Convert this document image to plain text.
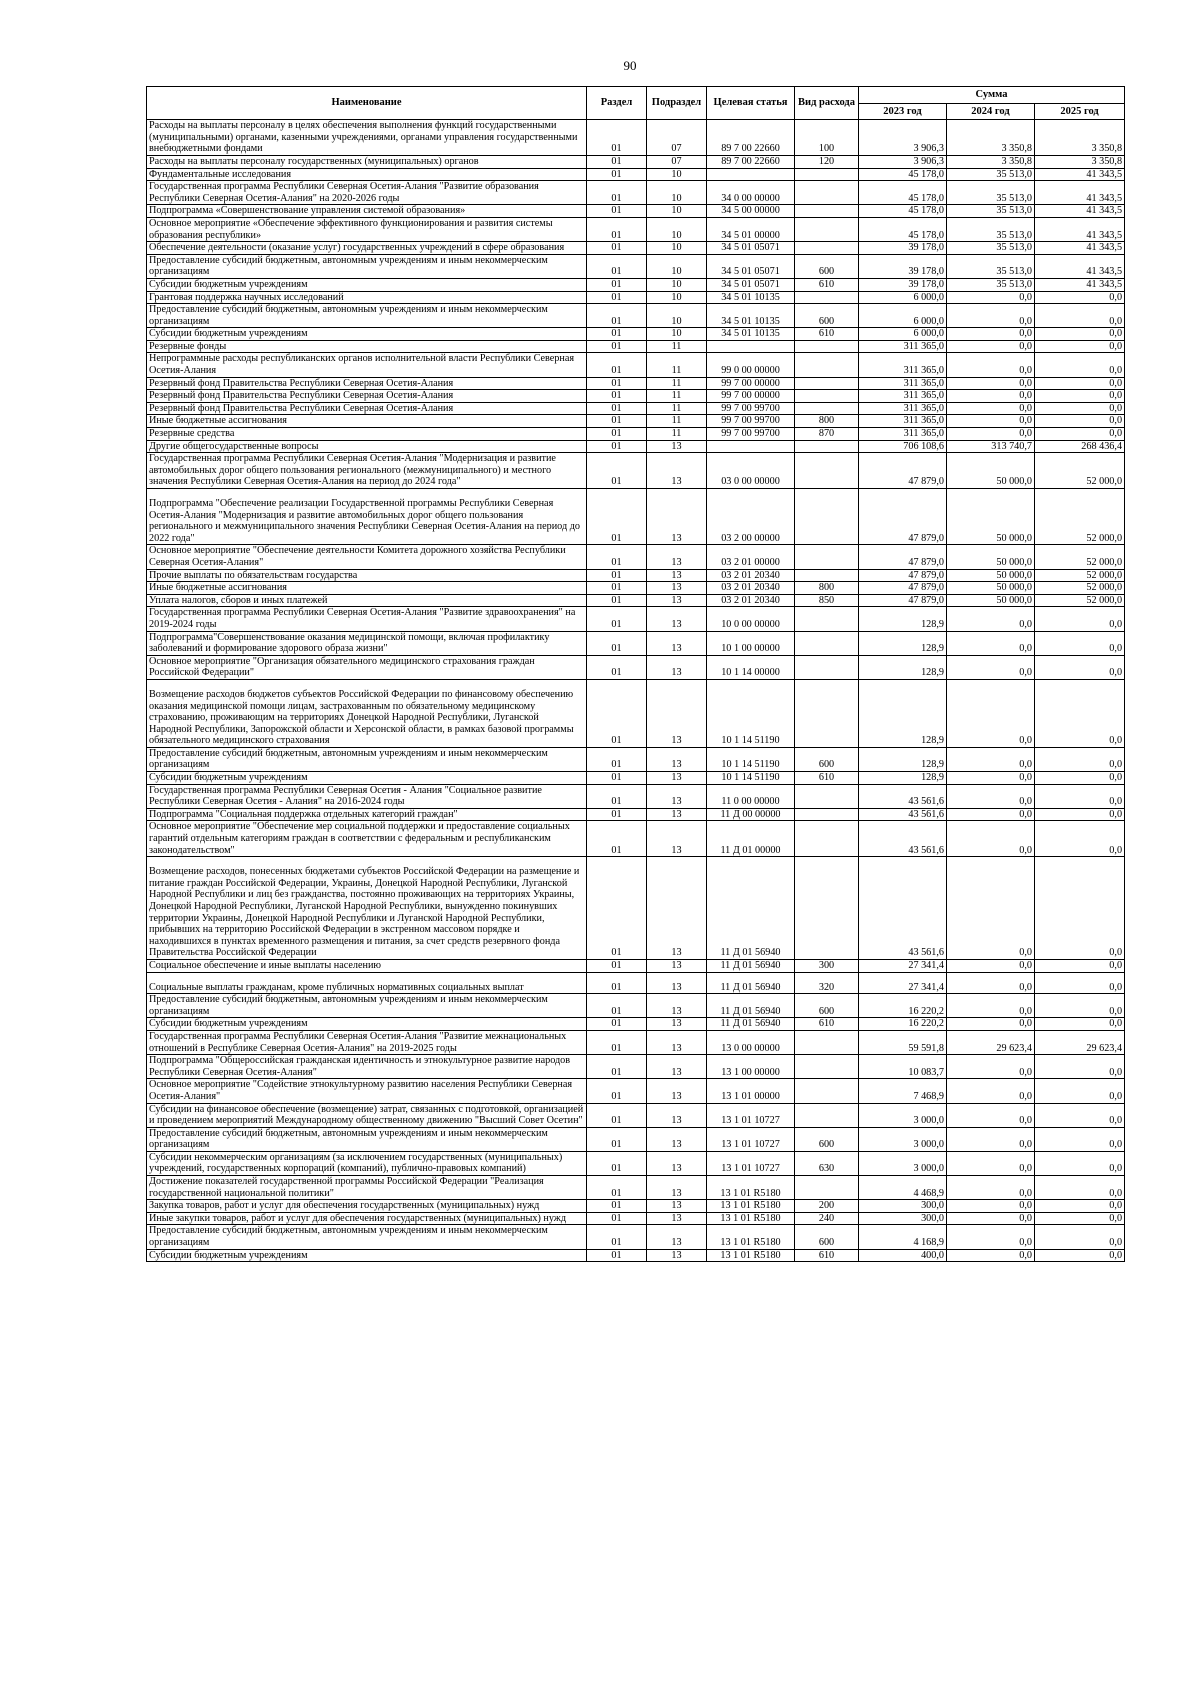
90
Наименование	Раздел	Подраздел	Целевая статья	Вид расхода	Сумма		
					2023 год	2024 год	2025 год
Расходы на выплаты персоналу в целях обеспечения выполнения функций государственными (муниципальными) органами, казенными учреждениями, органами управления государственными внебюджетными фондами	01	07	89 7 00 22660	100	3 906,3	3 350,8	3 350,8
Расходы на выплаты персоналу государственных (муниципальных) органов	01	07	89 7 00 22660	120	3 906,3	3 350,8	3 350,8
Фундаментальные исследования	01	10			45 178,0	35 513,0	41 343,5
Государственная программа Республики Северная Осетия-Алания "Развитие образования Республики Северная Осетия-Алания" на 2020-2026 годы	01	10	34 0 00 00000		45 178,0	35 513,0	41 343,5
Подпрограмма «Совершенствование управления системой образования»	01	10	34 5 00 00000		45 178,0	35 513,0	41 343,5
Основное мероприятие «Обеспечение эффективного функционирования и развития системы образования республики»	01	10	34 5 01 00000		45 178,0	35 513,0	41 343,5
Обеспечение деятельности (оказание услуг) государственных учреждений в сфере образования	01	10	34 5 01 05071		39 178,0	35 513,0	41 343,5
Предоставление субсидий бюджетным, автономным учреждениям и иным некоммерческим организациям	01	10	34 5 01 05071	600	39 178,0	35 513,0	41 343,5
Субсидии бюджетным учреждениям	01	10	34 5 01 05071	610	39 178,0	35 513,0	41 343,5
Грантовая поддержка научных исследований	01	10	34 5 01 10135		6 000,0	0,0	0,0
Предоставление субсидий бюджетным, автономным учреждениям и иным некоммерческим организациям	01	10	34 5 01 10135	600	6 000,0	0,0	0,0
Субсидии бюджетным учреждениям	01	10	34 5 01 10135	610	6 000,0	0,0	0,0
Резервные фонды	01	11			311 365,0	0,0	0,0
Непрограммные расходы республиканских органов исполнительной власти Республики Северная Осетия-Алания	01	11	99 0 00 00000		311 365,0	0,0	0,0
Резервный фонд Правительства Республики Северная Осетия-Алания	01	11	99 7 00 00000		311 365,0	0,0	0,0
Резервный фонд Правительства Республики Северная Осетия-Алания	01	11	99 7 00 00000		311 365,0	0,0	0,0
Резервный фонд Правительства Республики Северная Осетия-Алания	01	11	99 7 00 99700		311 365,0	0,0	0,0
Иные бюджетные ассигнования	01	11	99 7 00 99700	800	311 365,0	0,0	0,0
Резервные средства	01	11	99 7 00 99700	870	311 365,0	0,0	0,0
Другие общегосударственные вопросы	01	13			706 108,6	313 740,7	268 436,4
Государственная программа Республики Северная Осетия-Алания "Модернизация и развитие автомобильных дорог общего пользования регионального (межмуниципального) и местного значения Республики Северная Осетия-Алания на период до 2024 года"	01	13	03 0 00 00000		47 879,0	50 000,0	52 000,0
Подпрограмма "Обеспечение реализации Государственной программы Республики Северная Осетия-Алания "Модернизация и развитие автомобильных дорог общего пользования регионального и межмуниципального значения Республики Северная Осетия-Алания на период до 2022 года"	01	13	03 2 00 00000		47 879,0	50 000,0	52 000,0
Основное мероприятие "Обеспечение деятельности Комитета дорожного хозяйства Республики Северная Осетия-Алания"	01	13	03 2 01 00000		47 879,0	50 000,0	52 000,0
Прочие выплаты по обязательствам государства	01	13	03 2 01 20340		47 879,0	50 000,0	52 000,0
Иные бюджетные ассигнования	01	13	03 2 01 20340	800	47 879,0	50 000,0	52 000,0
Уплата налогов, сборов и иных платежей	01	13	03 2 01 20340	850	47 879,0	50 000,0	52 000,0
Государственная программа Республики Северная Осетия-Алания "Развитие здравоохранения" на 2019-2024 годы	01	13	10 0 00 00000		128,9	0,0	0,0
Подпрограмма"Совершенствование оказания медицинской помощи, включая профилактику заболеваний и формирование здорового образа жизни"	01	13	10 1 00 00000		128,9	0,0	0,0
Основное мероприятие "Организация обязательного медицинского страхования граждан Российской Федерации"	01	13	10 1 14 00000		128,9	0,0	0,0
Возмещение расходов бюджетов субъектов Российской Федерации по финансовому обеспечению оказания медицинской помощи лицам, застрахованным по обязательному медицинскому страхованию, проживающим на территориях Донецкой Народной Республики, Луганской Народной Республики, Запорожской области и Херсонской области, в рамках базовой программы обязательного медицинского страхования	01	13	10 1 14 51190		128,9	0,0	0,0
Предоставление субсидий бюджетным, автономным учреждениям и иным некоммерческим организациям	01	13	10 1 14 51190	600	128,9	0,0	0,0
Субсидии бюджетным учреждениям	01	13	10 1 14 51190	610	128,9	0,0	0,0
Государственная программа Республики Северная Осетия - Алания "Социальное развитие Республики Северная Осетия - Алания" на 2016-2024 годы	01	13	11 0 00 00000		43 561,6	0,0	0,0
Подпрограмма "Социальная поддержка отдельных категорий граждан"	01	13	11 Д 00 00000		43 561,6	0,0	0,0
Основное мероприятие "Обеспечение мер социальной поддержки и предоставление социальных гарантий отдельным категориям граждан в соответствии с федеральным и республиканским законодательством"	01	13	11 Д 01 00000		43 561,6	0,0	0,0
Возмещение расходов, понесенных бюджетами субъектов Российской Федерации на размещение и питание граждан Российской Федерации, Украины, Донецкой Народной Республики, Луганской Народной Республики и лиц без гражданства, постоянно проживающих на территориях Украины, Донецкой Народной Республики, Луганской Народной Республики, вынужденно покинувших территории Украины, Донецкой Народной Республики и Луганской Народной Республики, прибывших на территорию Российской Федерации в экстренном массовом порядке и находившихся в пунктах временного размещения и питания, за счет средств резервного фонда Правительства Российской Федерации	01	13	11 Д 01 56940		43 561,6	0,0	0,0
Социальное обеспечение и иные выплаты населению	01	13	11 Д 01 56940	300	27 341,4	0,0	0,0
Социальные выплаты гражданам, кроме публичных нормативных социальных выплат	01	13	11 Д 01 56940	320	27 341,4	0,0	0,0
Предоставление субсидий бюджетным, автономным учреждениям и иным некоммерческим организациям	01	13	11 Д 01 56940	600	16 220,2	0,0	0,0
Субсидии бюджетным учреждениям	01	13	11 Д 01 56940	610	16 220,2	0,0	0,0
Государственная программа Республики Северная Осетия-Алания "Развитие межнациональных отношений в Республике Северная Осетия-Алания" на 2019-2025 годы	01	13	13 0 00 00000		59 591,8	29 623,4	29 623,4
Подпрограмма "Общероссийская гражданская идентичность и этнокультурное развитие народов Республики Северная Осетия-Алания"	01	13	13 1 00 00000		10 083,7	0,0	0,0
Основное мероприятие "Содействие этнокультурному развитию населения Республики Северная Осетия-Алания"	01	13	13 1 01 00000		7 468,9	0,0	0,0
Субсидии на финансовое обеспечение (возмещение) затрат, связанных с подготовкой, организацией и проведением мероприятий Международному общественному движению "Высший Совет Осетин"	01	13	13 1 01 10727		3 000,0	0,0	0,0
Предоставление субсидий бюджетным, автономным учреждениям и иным некоммерческим организациям	01	13	13 1 01 10727	600	3 000,0	0,0	0,0
Субсидии некоммерческим организациям (за исключением государственных (муниципальных) учреждений, государственных корпораций (компаний), публично-правовых компаний)	01	13	13 1 01 10727	630	3 000,0	0,0	0,0
Достижение показателей государственной программы Российской Федерации "Реализация государственной национальной политики"	01	13	13 1 01 R5180		4 468,9	0,0	0,0
Закупка товаров, работ и услуг для обеспечения государственных (муниципальных) нужд	01	13	13 1 01 R5180	200	300,0	0,0	0,0
Иные закупки товаров, работ и услуг для обеспечения государственных (муниципальных) нужд	01	13	13 1 01 R5180	240	300,0	0,0	0,0
Предоставление субсидий бюджетным, автономным учреждениям и иным некоммерческим организациям	01	13	13 1 01 R5180	600	4 168,9	0,0	0,0
Субсидии бюджетным учреждениям	01	13	13 1 01 R5180	610	400,0	0,0	0,0
